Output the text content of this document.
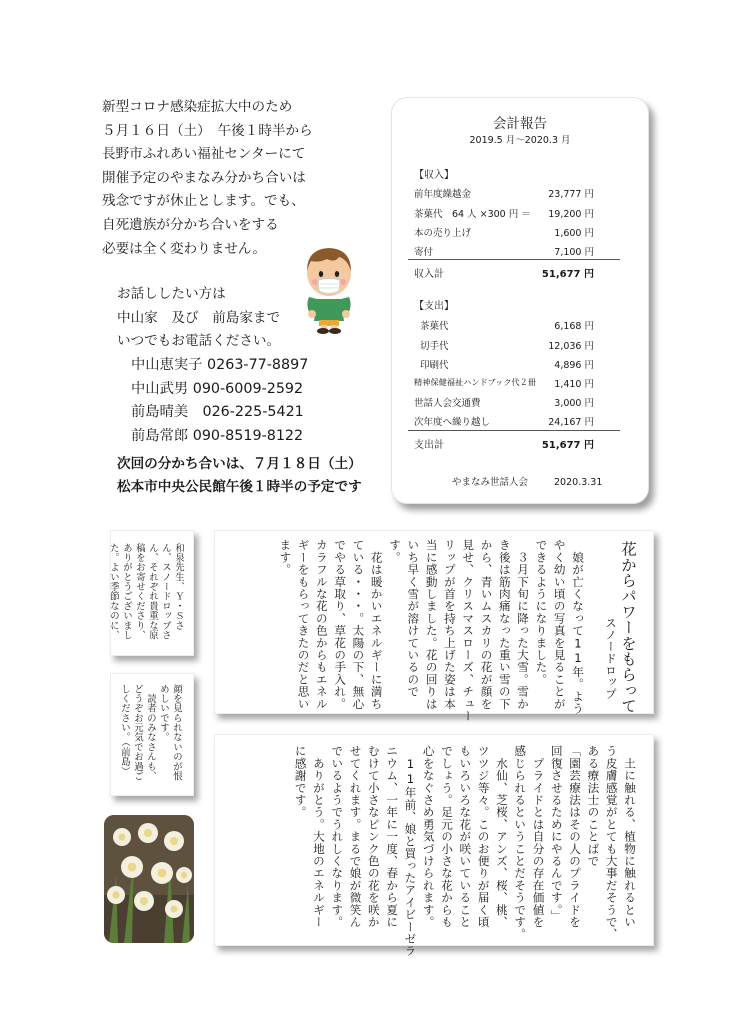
新型コロナ感染症拡大中のため
５月１６日（土）　午後１時半から
長野市ふれあい福祉センターにて
開催予定のやまなみ分かち合いは
残念ですが休止とします。でも、
自死遺族が分かち合いをする
必要は全く変わりません。
お話ししたい方は
中山家　及び　前島家まで
いつでもお電話ください。
中山恵実子 0263-77-8897
中山武男 090-6009-2592
前島晴美　026-225-5421
前島常郎 090-8519-8122
次回の分かち合いは、７月１８日（土）
松本市中央公民館午後１時半の予定です
会計報告
2019.5 月〜2020.3 月
【収入】
前年度繰越金	23,777 円
茶菓代　64 人 ×300 円 ＝ 19,200 円
本の売り上げ	1,600 円
寄付	7,100 円
収入計	51,677 円
【支出】
茶菓代	6,168 円
切手代	12,036 円
印刷代	4,896 円
精神保健福祉ハンドブック代２冊 1,410 円
世話人会交通費	3,000 円
次年度へ繰り越し	24,167 円
支出計	51,677 円
やまなみ世話人会	2020.3.31
和泉先生、Ｙ・Ｓさ
ん、スノードロップさ
ん、それぞれ貴重な原
稿をお寄せくださり、
ありがとうございまし
た。よい季節なのに、
顔を見られないのが恨
めしいです。
　読者のみなさんも、
どうぞお元気でお過ご
しください。（前島）
花からパワーをもらって
スノードロップ
　娘が亡くなって11年。よう
やく幼い頃の写真を見ることが
できるようになりました。
　３月下旬に降った大雪。雪か
き後は筋肉痛なった重い雪の下
から、青いムスカリの花が顔を
見せ、クリスマスローズ、チュー
リップが首を持ち上げた姿は本
当に感動しました。花の回りは
いち早く雪が溶けているので
す。
　花は暖かいエネルギーに満ち
ている・・・。太陽の下、無心
でやる草取り、草花の手入れ。
カラフルな花の色からもエネル
ギーをもらってきたのだと思い
ます。
　土に触れる、植物に触れるとい
う皮膚感覚がとても大事だそうで、
ある療法士のことばで
「園芸療法はその人のプライドを
回復させるためにやるんです。」
　プライドとは自分の存在価値を
感じられるということだそうです。
　水仙、芝桜、アンズ、桜、桃、
ツツジ等々。このお便りが届く頃
もいろいろな花が咲いていること
でしょう。足元の小さな花からも
心をなぐさめ勇気づけられます。
　11年前、娘と買ったアイビーゼラ
ニウム、一年に一度、春から夏に
むけて小さなピンク色の花を咲か
せてくれます。まるで娘が微笑ん
でいるようでうれしくなります。
　ありがとう。大地のエネルギー
に感謝です。
